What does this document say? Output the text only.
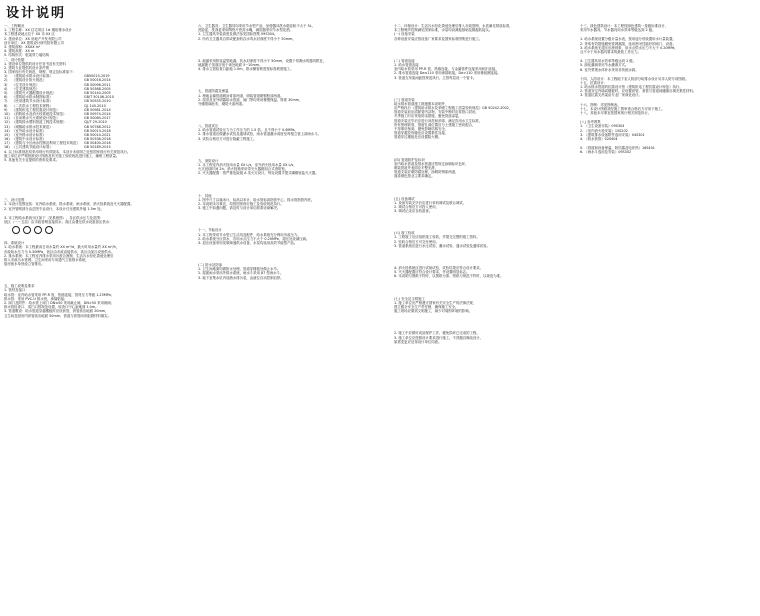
设计说明
一、工程概况
1. 工程名称：XX 住宅项目 1# 楼给排水设计
本工程建设地点位于 XX 市 XX 区
2. 建设单位：XX 房地产开发有限公司
设计单位：XX 建筑设计研究院有限公司
3. 建筑面积：XXXX m²
4. 建筑高度：XX m
5. 结构形式：框架剪力墙结构
二、设计依据
1. 建设单位提供的设计任务书及有关资料
2. 建筑专业提供的设计条件图
3. 国家现行有关规范、规程、规定及标准如下：
1)	《建筑给水排水设计标准》	GB50015-2019
2)	《建筑设计防火规范》	GB 50016-2014
3)	《住宅设计规范》	GB 50096-2011
4)	《住宅建筑规范》	GB 50368-2005
5)	《建筑灭火器配置设计规范》	GB 50140-2005
6)	《建筑给水排水制图标准》	GB/T 50106-2010
7)	《民用建筑节水设计标准》	GB 50555-2010
8)	《二次供水工程技术规程》	CJJ 140-2010
9)	《建筑机电工程抗震设计规范》	GB 50981-2014
10) 《消防给水及消火栓系统技术规范》	GB 50974-2014
11) 《自动喷水灭火系统设计规范》	GB 50084-2017
12) 《建筑排水塑料管道工程技术规程》	CJJ/T 29-2010
13) 《城镇给水排水技术规范》	GB 50788-2012
14) 《室外给水设计标准》	GB 50013-2018
15) 《室外排水设计标准》	GB 50014-2021
16) 《建筑中水设计标准》	GB 50336-2018
17) 《建筑与小区雨水控制及利用工程技术规范》	GB 50400-2016
18) 《公共建筑节能设计标准》	GB 50189-2015
4. 以上标准规范均采用现行有效版本，本设计未说明之处按国家现行有关规范执行。
施工单位应严格按照设计图纸及有关施工验收规范进行施工，确保工程质量。
5. 其他有关专业提供的资料及要求。
三、设计范围
1. 本设计范围包括：室内给水系统、排水系统、雨水系统、消火栓系统及灭火器配置。
2. 室外管网部分由总图专业设计，本设计仅至建筑外墙 1.5m 处。
3. 本工程给水系统分区如下（见系统图），各区供水压力及范围：
低区（一～五层）由市政管网直接供水，高区由叠压供水设备加压供水：
四、系统设计
1. 给水系统：本工程最高日用水量约 XX m³/d，最大时用水量约 XX m³/h，
市政给水压力为 0.30MPa，低区由市政直接供水，高区由加压设备供水。
2. 排水系统：本工程室内排水采用污废合流制，生活污水经化粪池处理后
排入市政污水管网；卫生间采用专用通气立管排水系统，
厨房废水单独设立管排出。
五、施工说明及要求
1. 管材及接口：
给水管：室内给水管采用 PP-R 管，热熔连接，管材压力等级 1.25MPa；
排水管：采用 PVC-U 排水管，承插粘接；
2. 阀门及附件：给水管上阀门 DN≤50 采用截止阀，DN>50 采用闸阀；
排水管检查口、清扫口按规范设置，检查口中心距地面 1.0m。
3. 管道敷设：给水管道穿越楼板时应设套管，套管高出地面 20mm，
卫生间及厨房内套管高出地面 50mm，管道与套管间用阻燃材料填实。
六、卫生器具：卫生器具均采用节水型产品，坐便器冲洗水箱容积不大于 5L，
洗脸盆、洗涤盆采用陶瓷片密封水嘴，淋浴器采用节水型花洒。
1. 卫生器具安装高度及做法参见国标图集 09S304。
2. 所有卫生器具自带或配套的存水弯水封深度不得小于 50mm。
3. 地漏采用防返溢型地漏，其水封深度不得小于 50mm，设置于易溅水的器具附近，
地漏篦子顶面应低于该处地面 5~10mm。
4. 排水立管检查口距地 1.0m，排水横管坡度按标准坡度施工。
七、管道防腐及保温
1. 埋地金属管道刷沥青漆两道，明装管道刷银粉漆两道。
2. 屋顶及室外明露给水管道、阀门等均采用橡塑保温，厚度 30mm，
外缠玻璃丝布，刷防火漆两道。
八、管道试压
1. 给水管道试验压力为工作压力的 1.5 倍，且不得小于 0.6MPa。
2. 排水管道应做灌水试验及通球试验，雨水管道灌水高度至每根立管上部雨水斗。
3. 试验合格后方可进行隐蔽工程施工。
九、消防设计
1. 本工程室内消火栓用水量 XX L/s，室外消火栓用水量 XX L/s，
火灾延续时间 2h。消火栓箱采用带灭火器箱组合式消防柜。
2. 灭火器配置：按严重危险级 A 类火灾设计，每处设置手提式磷酸铵盐灭火器。
十、其他
1. 图中尺寸以毫米计，标高以米计，给水管标高指管中心，排水管指管内底。
2. 本说明未尽事宜，均按国家现行施工及验收规范执行。
3. 施工中如遇问题，请及时与设计单位联系协商解决。
十一、节能设计
1. 本工程采用节水型卫生洁具及配件，给水系统充分利用市政压力。
2. 给水系统分区供水，各用水点压力不大于 0.20MPa，超压处设减压阀。
3. 加压设备采用变频调速供水设备，水泵均选用高效节能型产品。
(二) 防水及防渗
1. 卫生间地面均做防水处理，管道穿楼板处做止水节。
2. 屋面雨水采用外排水系统，雨水斗采用 87 型雨水斗。
3. 地下室集水坑内设潜水排污泵，由液位自动控制启停。
十二、环保设计：生活污水经化粪池处理后排入市政管网，水质满足排放标准，
本工程噪声控制满足国家标准，水泵均设减振基础及隔振软接头。
(一) 设备安装
各种设备安装应按设备厂家要求及国家标准图集进行施工。
(二) 管道连接
1. 给水管道连接
室内给水管采用 PP-R 管，热熔连接，与金属管件连接采用丝扣连接。
2. 排水管道连接 De≤110 采用承插粘接，De>110 采用橡胶圈连接。
3. 管道支吊架间距按规范执行，立管每层设一个管卡。
(三) 管道安装
给水排水管道施工除遵照本说明外，
应严格执行《建筑给水排水及采暖工程施工质量验收规范》GB 50242-2002，
管道安装前应清除管内杂物，安装中断时应将管口封闭，
冬季施工时应采取防冻措施，避免管道冻裂，
管道安装完毕后应进行冲洗和消毒，满足饮用水卫生标准，
所有预埋套管、预留孔洞位置应与土建施工密切配合，
不得事后凿洞，避免影响结构安全，
管道穿越变形缝处应设置柔性连接，
管道穿过楼板处应设置阻火圈。
(四) 管道防护及标识
室内给水管道及排水管道应按规定涂刷标识色环，
明装管道外表面应平整光滑，
管道支架应做防腐处理，涂刷防锈漆两道，
面漆颜色按业主要求确定。
(五) 设备调试
1. 设备安装完毕后应进行单机调试及联合调试，
2. 调试合格后方可投入使用，
3. 调试记录应存档备查。
(六) 竣工验收
1. 工程竣工后应组织竣工验收，并提交完整的竣工资料。
2. 验收合格后方可交付使用。
3. 管道系统应进行水压试验、灌水试验、通水试验及通球试验。
4. 消火栓系统应进行试射试验，试验结果应符合设计要求。
5. 灭火器配置应符合设计要求，并设置明显标志。
6. 本说明与图纸不符时，以图纸为准；图纸与规范不符时，以规范为准。
(七) 安全及文明施工
1. 施工单位应严格遵守国家有关安全生产的法律法规，
建立健全安全生产责任制，确保施工安全，
施工现场应做到文明施工，减少对周围环境的影响。
2. 施工中应做好成品保护工作，避免损坏已完成的工程。
3. 施工单位应按照设计要求进行施工，不得擅自修改设计，
如需变更应征得设计单位同意。
十三、绿色建筑设计：本工程按绿色建筑一星级标准设计，
采用节水器具，节水器具用水效率等级达到 2 级。
1. 给水系统设置分级计量水表，按用途分别设置用水计量装置。
2. 采取有效措施避免管网漏损，选用密闭性能好的阀门、设备。
3. 给水系统无超压出流现象，用水点供水压力不大于 0.20MPa，
且不小于用水器具要求的最低工作压力。
4. 卫生器具用水效率等级达到 2 级。
5. 绿化灌溉采用节水灌溉方式。
6. 室外景观水体补水采用非传统水源。
十四、人防设计：本工程地下室人防部分给排水设计另详人防专项图纸。
十五、抗震设计：
1. 给水排水管道的抗震设计按《建筑机电工程抗震设计规范》执行。
2. 管道穿过内墙或楼板时，应设置套管，套管与管道间缝隙应填充柔性材料。
3. 管道抗震支吊架由专业厂家深化设计。
十六、图例：详见图例表。
十七、本设计图纸须经施工图审查合格后方可用于施工。
十八、其他未尽事宜按国家现行相关规范执行。
(八) 参考图集
1. 《卫生设备安装》09S304
2. 《室内消火栓安装》15S202
3. 《建筑排水设备附件选用安装》04S301
4. 《防水套管》02S404
5. 《管道和设备保温、防结露及电伴热》16S401
6. 《雨水斗选用及安装》09S302
